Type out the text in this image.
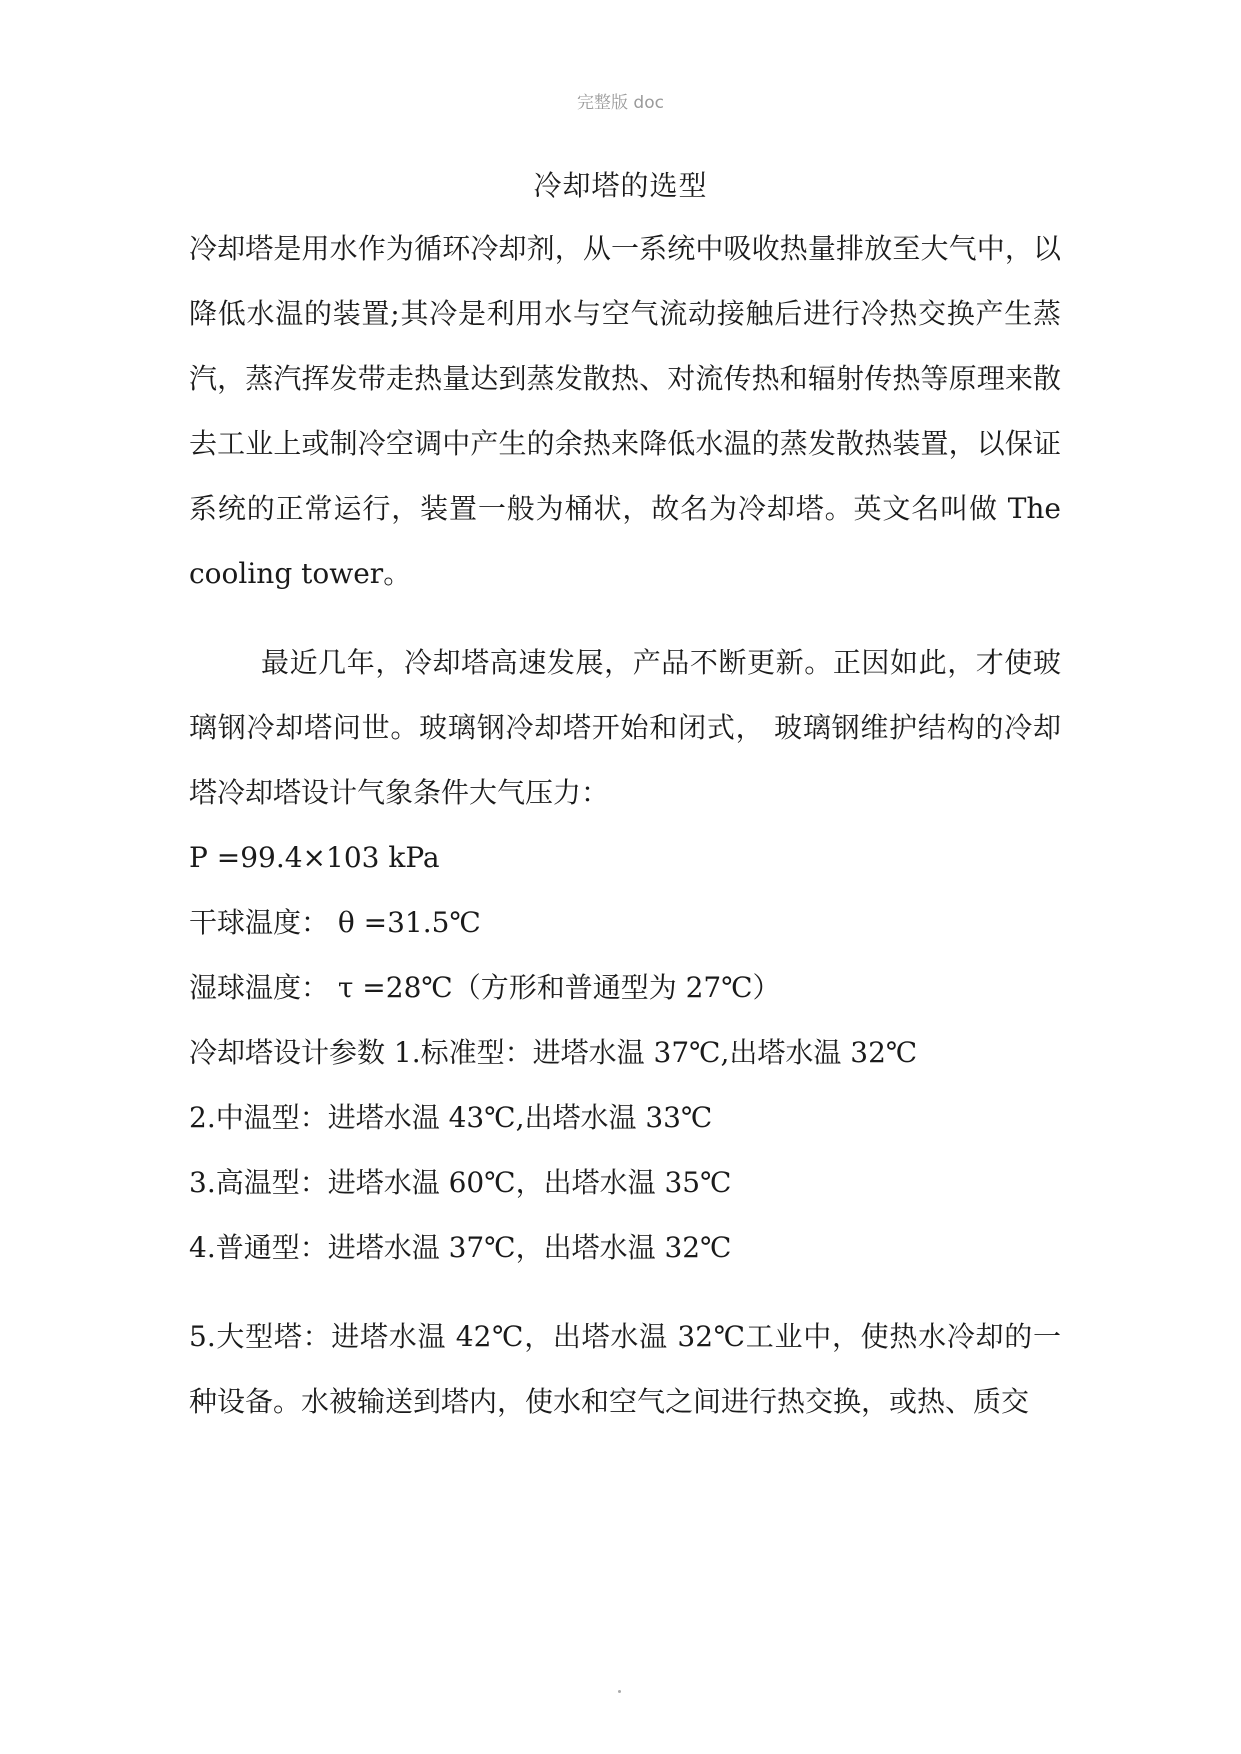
完整版 doc
冷却塔的选型

冷却塔是用水作为循环冷却剂，从一系统中吸收热量排放至大气中，以降低水温的装置;其冷是利用水与空气流动接触后进行冷热交换产生蒸汽，蒸汽挥发带走热量达到蒸发散热、对流传热和辐射传热等原理来散去工业上或制冷空调中产生的余热来降低水温的蒸发散热装置，以保证系统的正常运行，装置一般为桶状，故名为冷却塔。英文名叫做 The cooling tower。

最近几年，冷却塔高速发展，产品不断更新。正因如此，才使玻璃钢冷却塔问世。玻璃钢冷却塔开始和闭式， 玻璃钢维护结构的冷却塔冷却塔设计气象条件大气压力：

P =99.4×103 kPa

干球温度： θ =31.5℃

湿球温度： τ =28℃（方形和普通型为 27℃）

冷却塔设计参数 1.标准型：进塔水温 37℃,出塔水温 32℃

2.中温型：进塔水温 43℃,出塔水温 33℃

3.高温型：进塔水温 60℃，出塔水温 35℃

4.普通型：进塔水温 37℃，出塔水温 32℃

5.大型塔：进塔水温 42℃，出塔水温 32℃工业中，使热水冷却的一种设备。水被输送到塔内，使水和空气之间进行热交换，或热、质交
